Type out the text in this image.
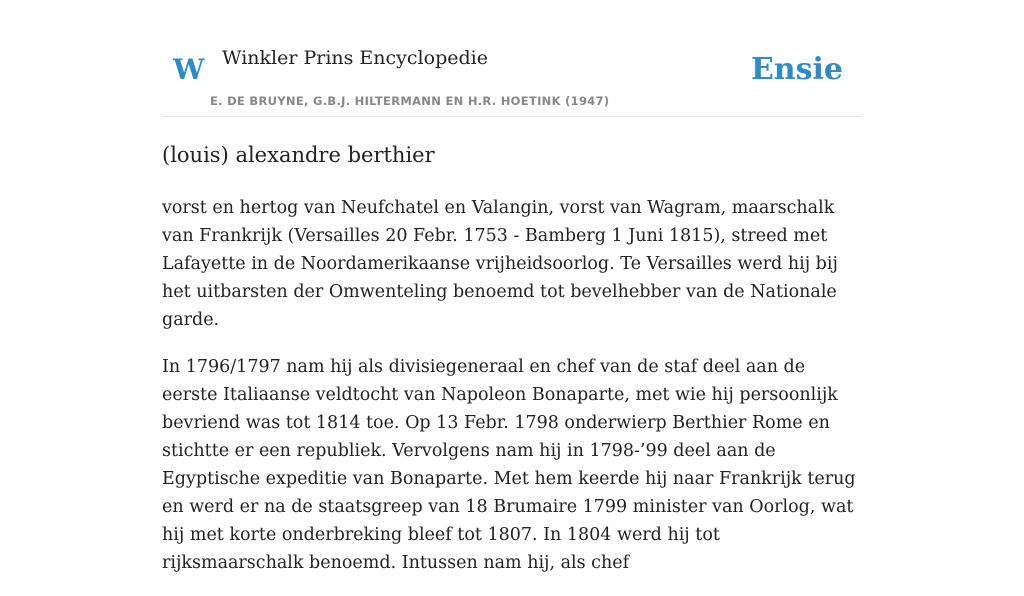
W Winkler Prins Encyclopedie
E. DE BRUYNE, G.B.J. HILTERMANN EN H.R. HOETINK (1947)
Ensie
(louis) alexandre berthier

vorst en hertog van Neufchatel en Valangin, vorst van Wagram, maarschalk van Frankrijk (Versailles 20 Febr. 1753 - Bamberg 1 Juni 1815), streed met Lafayette in de Noordamerikaanse vrijheidsoorlog. Te Versailles werd hij bij het uitbarsten der Omwenteling benoemd tot bevelhebber van de Nationale garde.

In 1796/1797 nam hij als divisiegeneraal en chef van de staf deel aan de eerste Italiaanse veldtocht van Napoleon Bonaparte, met wie hij persoonlijk bevriend was tot 1814 toe. Op 13 Febr. 1798 onderwierp Berthier Rome en stichtte er een republiek. Vervolgens nam hij in 1798-’99 deel aan de Egyptische expeditie van Bonaparte. Met hem keerde hij naar Frankrijk terug en werd er na de staatsgreep van 18 Brumaire 1799 minister van Oorlog, wat hij met korte onderbreking bleef tot 1807. In 1804 werd hij tot rijksmaarschalk benoemd. Intussen nam hij, als chef
